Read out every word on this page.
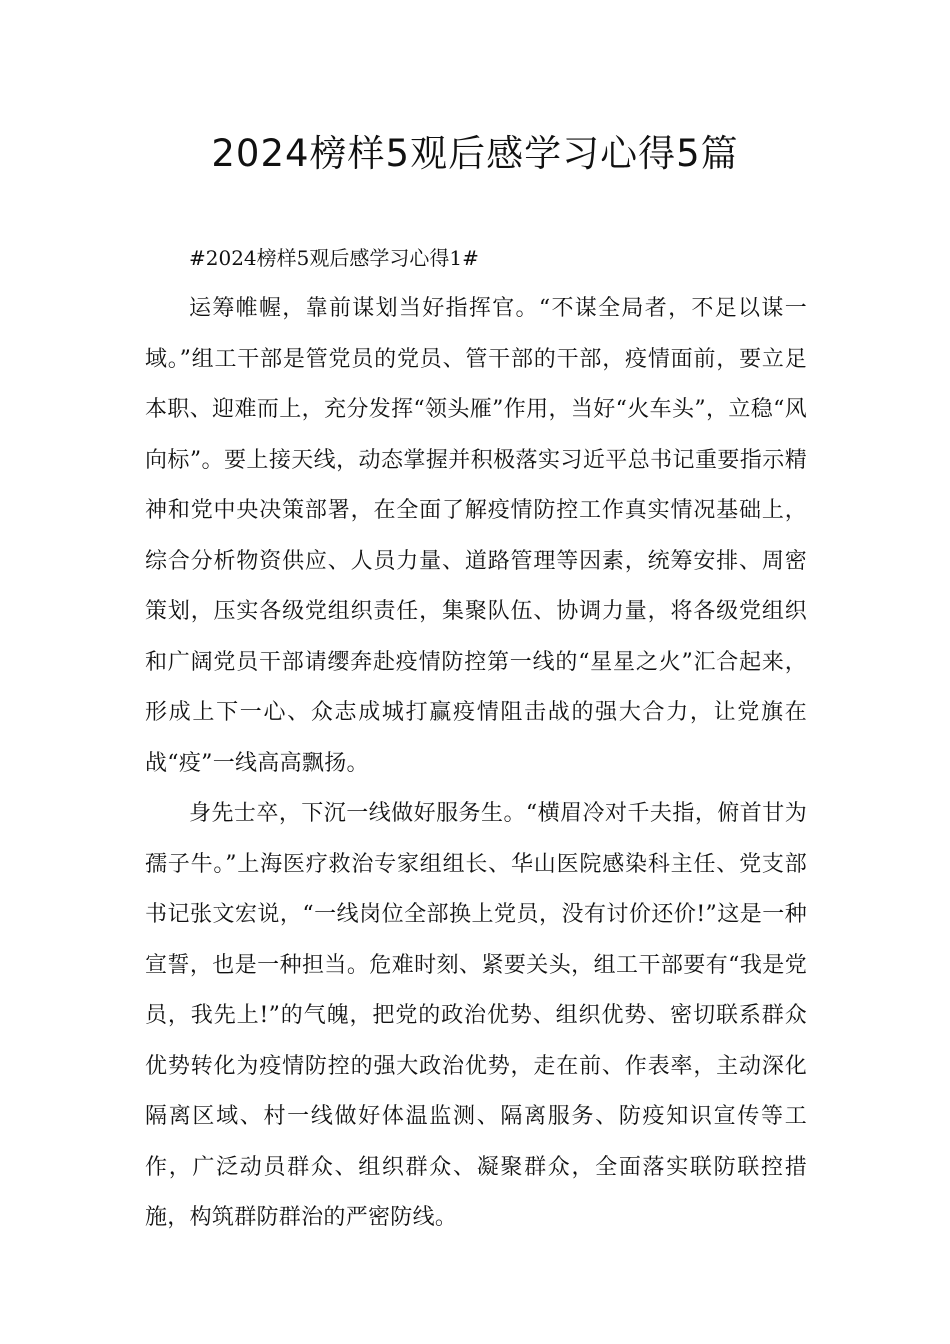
2024榜样5观后感学习心得5篇

#2024榜样5观后感学习心得1#

运筹帷幄，靠前谋划当好指挥官。“不谋全局者，不足以谋一域。”组工干部是管党员的党员、管干部的干部，疫情面前，要立足本职、迎难而上，充分发挥“领头雁”作用，当好“火车头”，立稳“风向标”。要上接天线，动态掌握并积极落实习近平总书记重要指示精神和党中央决策部署，在全面了解疫情防控工作真实情况基础上，综合分析物资供应、人员力量、道路管理等因素，统筹安排、周密策划，压实各级党组织责任，集聚队伍、协调力量，将各级党组织和广阔党员干部请缨奔赴疫情防控第一线的“星星之火”汇合起来，形成上下一心、众志成城打赢疫情阻击战的强大合力，让党旗在战“疫”一线高高飘扬。

身先士卒，下沉一线做好服务生。“横眉冷对千夫指，俯首甘为孺子牛。”上海医疗救治专家组组长、华山医院感染科主任、党支部书记张文宏说，“一线岗位全部换上党员，没有讨价还价!”这是一种宣誓，也是一种担当。危难时刻、紧要关头，组工干部要有“我是党员，我先上!”的气魄，把党的政治优势、组织优势、密切联系群众优势转化为疫情防控的强大政治优势，走在前、作表率，主动深化隔离区域、村一线做好体温监测、隔离服务、防疫知识宣传等工作，广泛动员群众、组织群众、凝聚群众，全面落实联防联控措施，构筑群防群治的严密防线。
